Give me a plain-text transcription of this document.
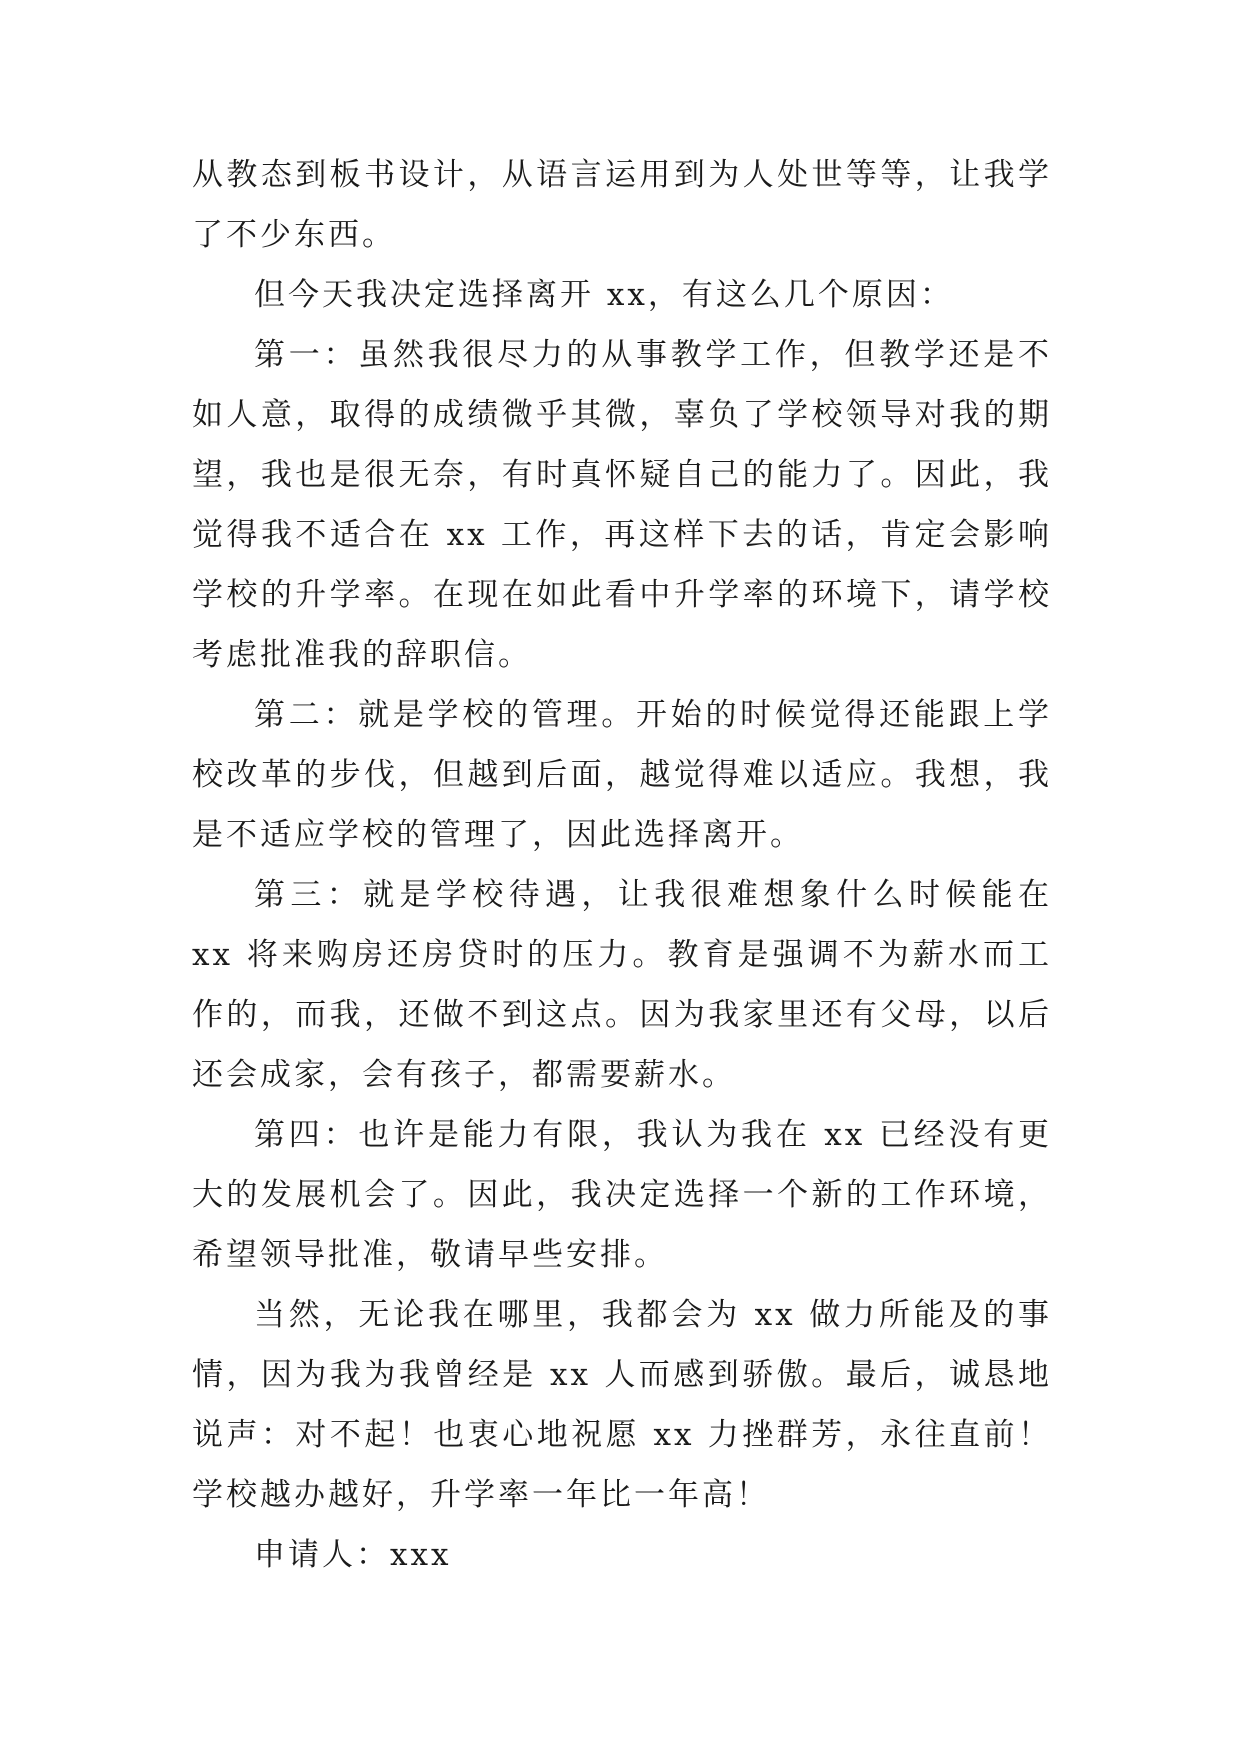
从教态到板书设计，从语言运用到为人处世等等，让我学了不少东西。

但今天我决定选择离开 xx，有这么几个原因：

第一：虽然我很尽力的从事教学工作，但教学还是不如人意，取得的成绩微乎其微，辜负了学校领导对我的期望，我也是很无奈，有时真怀疑自己的能力了。因此，我觉得我不适合在 xx 工作，再这样下去的话，肯定会影响学校的升学率。在现在如此看中升学率的环境下，请学校考虑批准我的辞职信。

第二：就是学校的管理。开始的时候觉得还能跟上学校改革的步伐，但越到后面，越觉得难以适应。我想，我是不适应学校的管理了，因此选择离开。

第三：就是学校待遇，让我很难想象什么时候能在 xx 将来购房还房贷时的压力。教育是强调不为薪水而工作的，而我，还做不到这点。因为我家里还有父母，以后还会成家，会有孩子，都需要薪水。

第四：也许是能力有限，我认为我在 xx 已经没有更大的发展机会了。因此，我决定选择一个新的工作环境，希望领导批准，敬请早些安排。

当然，无论我在哪里，我都会为 xx 做力所能及的事情，因为我为我曾经是 xx 人而感到骄傲。最后，诚恳地说声：对不起！也衷心地祝愿 xx 力挫群芳，永往直前！学校越办越好，升学率一年比一年高！

申请人：xxx
